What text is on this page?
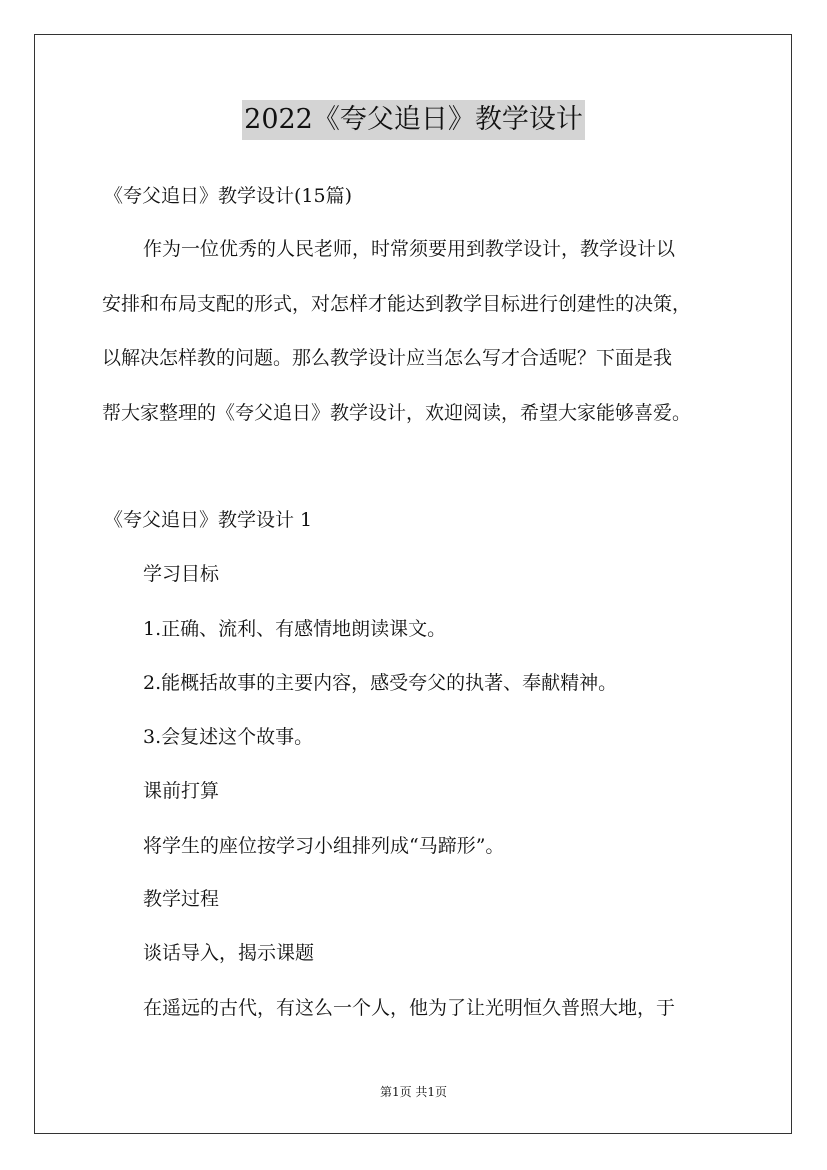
2022《夸父追日》教学设计
《夸父追日》教学设计(15篇)
作为一位优秀的人民老师，时常须要用到教学设计，教学设计以
安排和布局支配的形式，对怎样才能达到教学目标进行创建性的决策，
以解决怎样教的问题。那么教学设计应当怎么写才合适呢？下面是我
帮大家整理的《夸父追日》教学设计，欢迎阅读，希望大家能够喜爱。
《夸父追日》教学设计 1
学习目标
1.正确、流利、有感情地朗读课文。
2.能概括故事的主要内容，感受夸父的执著、奉献精神。
3.会复述这个故事。
课前打算
将学生的座位按学习小组排列成“马蹄形”。
教学过程
谈话导入，揭示课题
在遥远的古代，有这么一个人，他为了让光明恒久普照大地，于
第1页 共1页
